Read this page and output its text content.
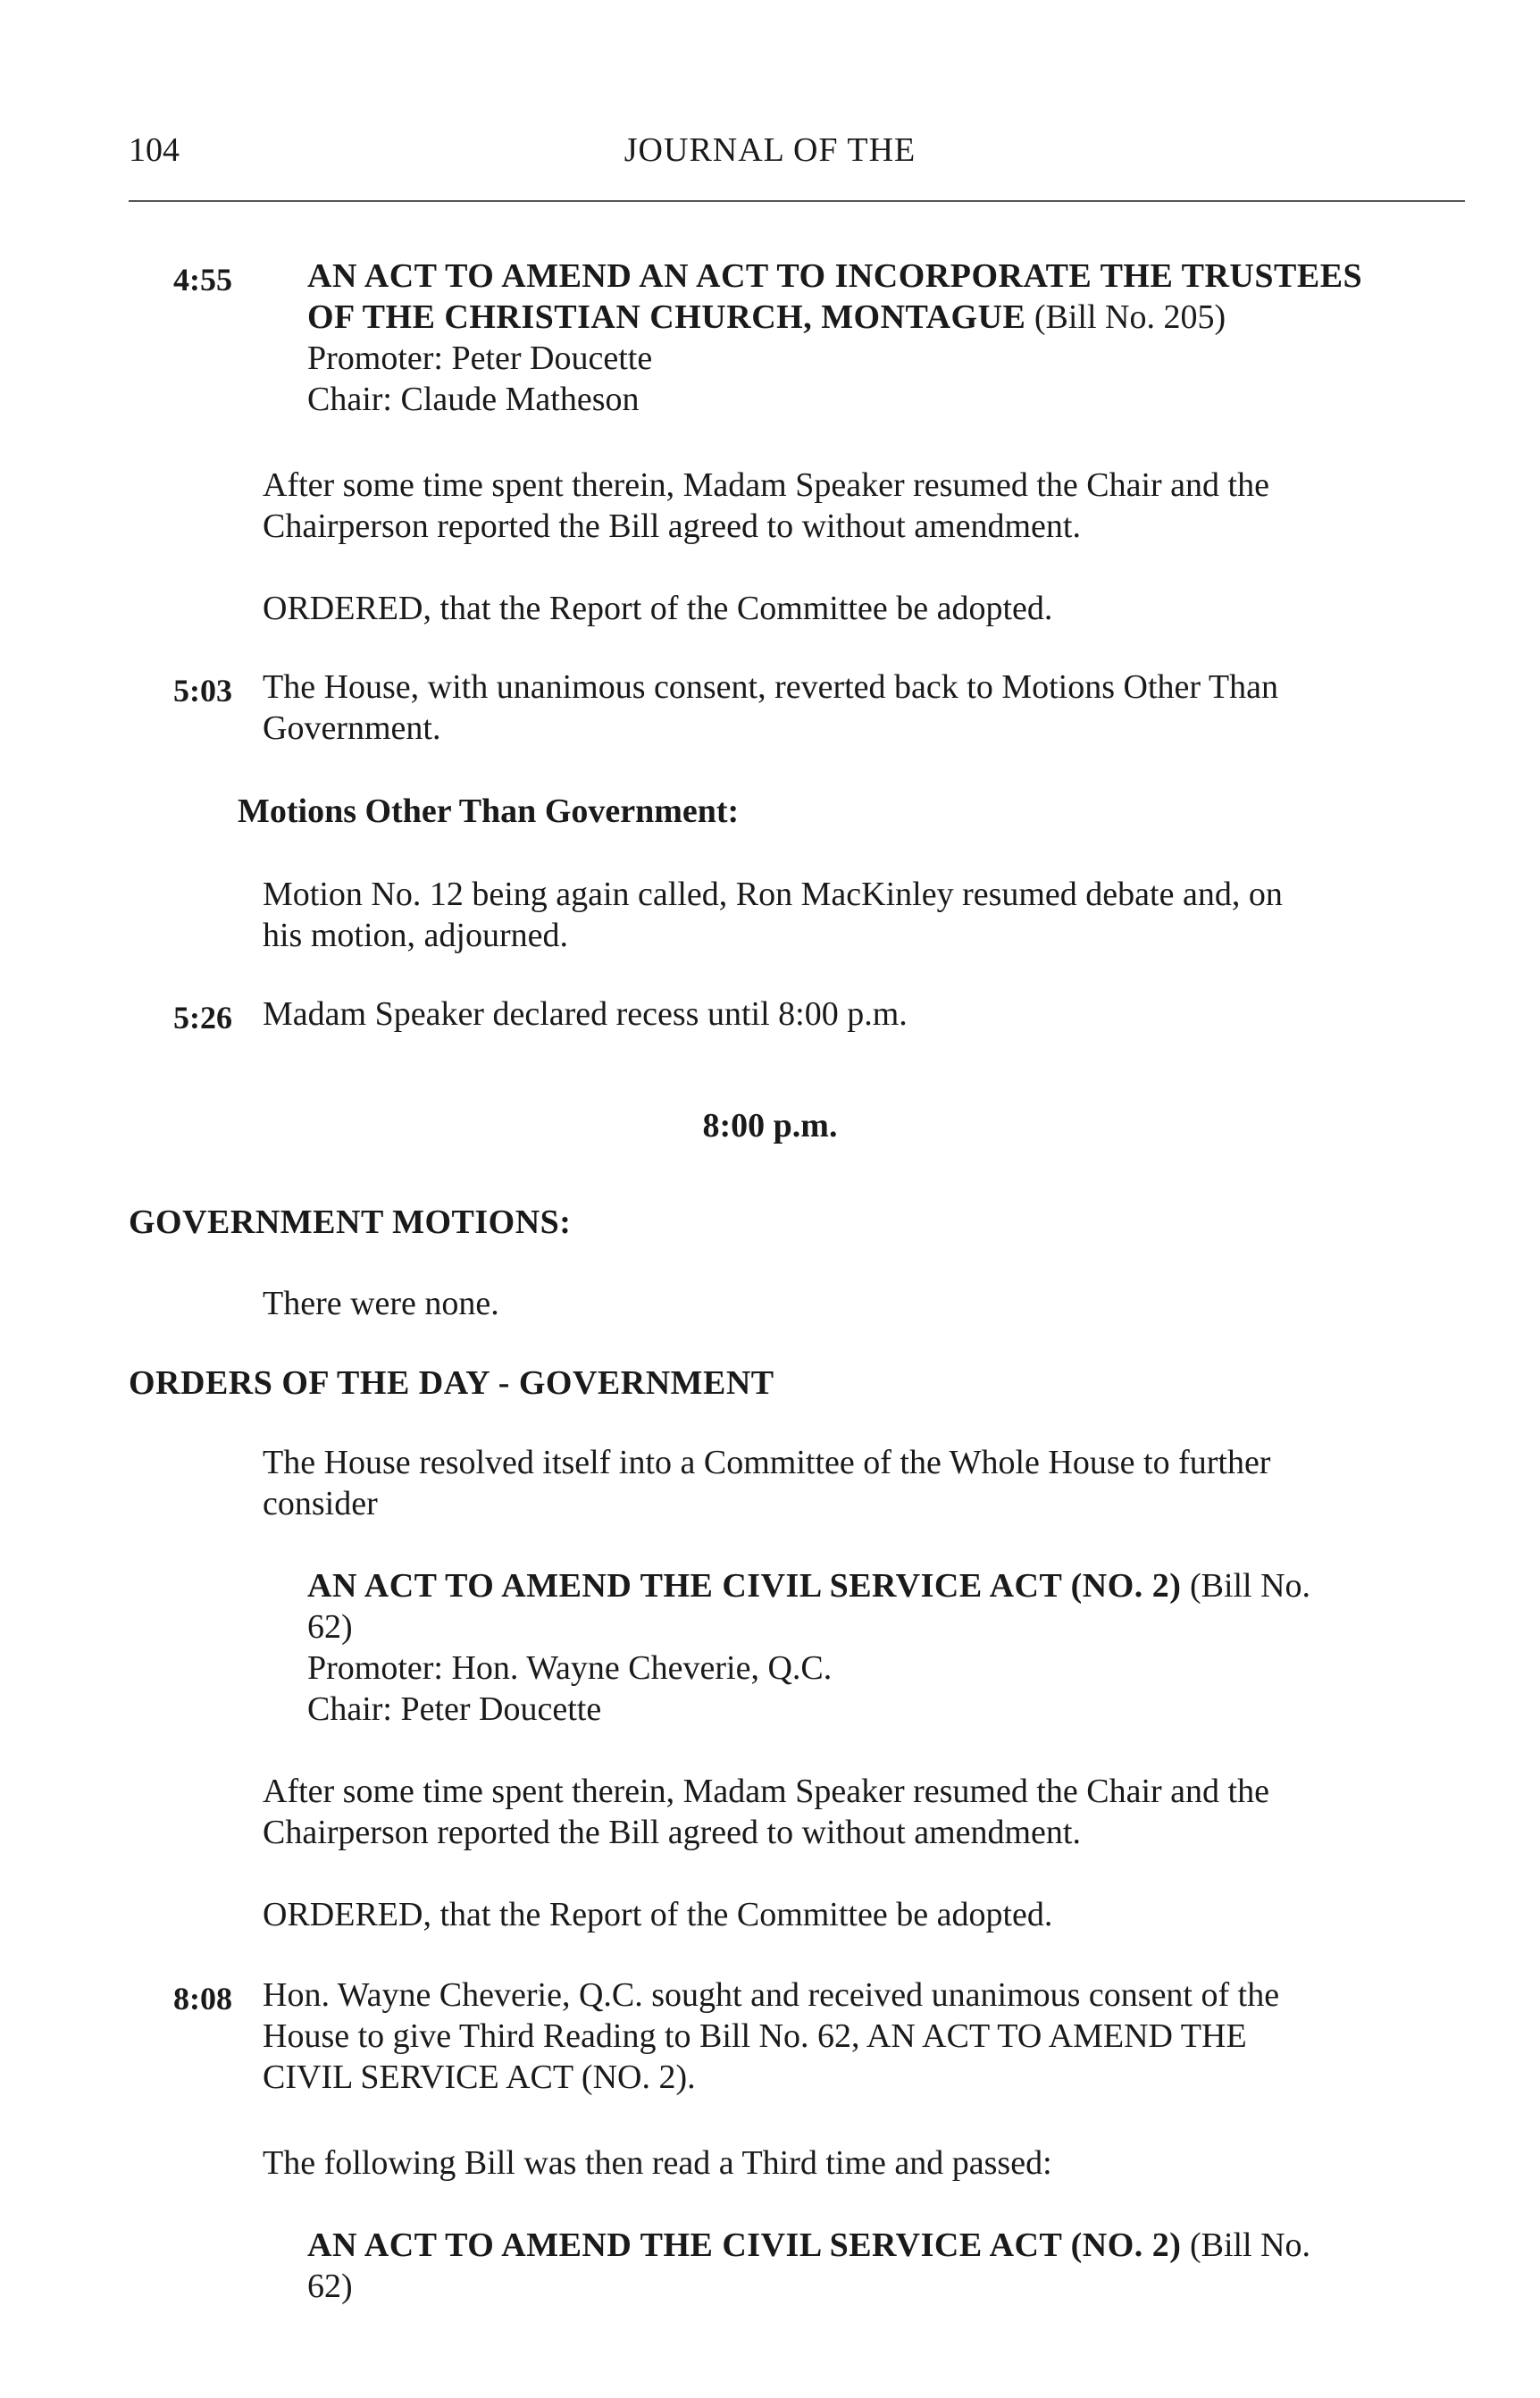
104	JOURNAL OF THE
4:55 AN ACT TO AMEND AN ACT TO INCORPORATE THE TRUSTEES
OF THE CHRISTIAN CHURCH, MONTAGUE (Bill No. 205)
Promoter: Peter Doucette
Chair: Claude Matheson
After some time spent therein, Madam Speaker resumed the Chair and the
Chairperson reported the Bill agreed to without amendment.
ORDERED, that the Report of the Committee be adopted.
5:03 The House, with unanimous consent, reverted back to Motions Other Than
Government.
Motions Other Than Government:
Motion No. 12 being again called, Ron MacKinley resumed debate and, on
his motion, adjourned.
5:26 Madam Speaker declared recess until 8:00 p.m.
8:00 p.m.
GOVERNMENT MOTIONS:
There were none.
ORDERS OF THE DAY - GOVERNMENT
The House resolved itself into a Committee of the Whole House to further
consider
AN ACT TO AMEND THE CIVIL SERVICE ACT (NO. 2) (Bill No.
62)
Promoter: Hon. Wayne Cheverie, Q.C.
Chair: Peter Doucette
After some time spent therein, Madam Speaker resumed the Chair and the
Chairperson reported the Bill agreed to without amendment.
ORDERED, that the Report of the Committee be adopted.
8:08 Hon. Wayne Cheverie, Q.C. sought and received unanimous consent of the
House to give Third Reading to Bill No. 62, AN ACT TO AMEND THE
CIVIL SERVICE ACT (NO. 2).
The following Bill was then read a Third time and passed:
AN ACT TO AMEND THE CIVIL SERVICE ACT (NO. 2) (Bill No.
62)
